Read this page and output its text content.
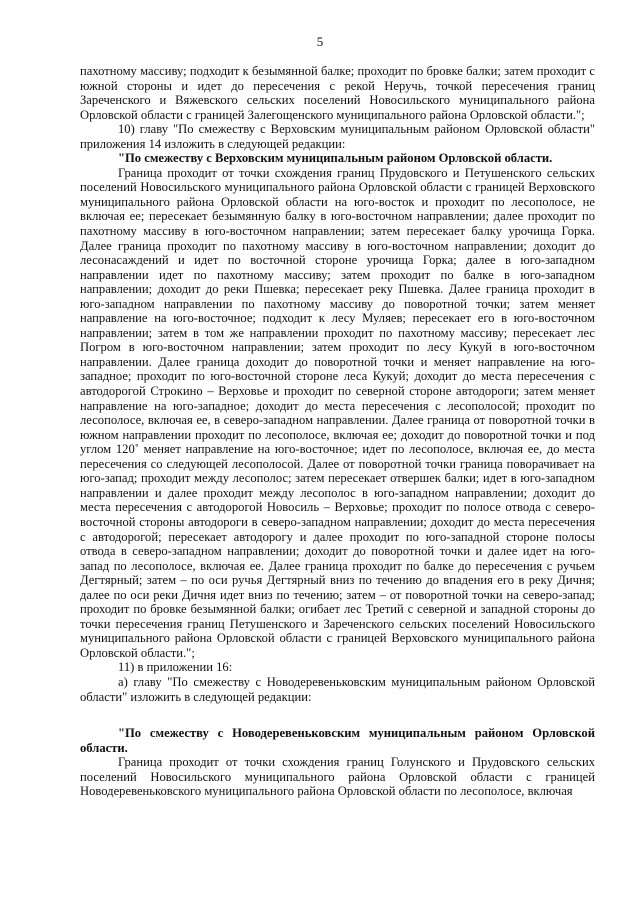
5

пахотному массиву; подходит к безымянной балке; проходит по бровке балки; затем проходит с южной стороны и идет до пересечения с рекой Неручь, точкой пересечения границ Зареченского и Вяжевского сельских поселений Новосильского муниципального района Орловской области с границей Залегощенского муниципального района Орловской области.";

10) главу "По смежеству с Верховским муниципальным районом Орловской области" приложения 14 изложить в следующей редакции:

"По смежеству с Верховским муниципальным районом Орловской области.

Граница проходит от точки схождения границ Прудовского и Петушенского сельских поселений Новосильского муниципального района Орловской области с границей Верховского муниципального района Орловской области на юго-восток и проходит по лесополосе, не включая ее; пересекает безымянную балку в юго-восточном направлении; далее проходит по пахотному массиву в юго-восточном направлении; затем пересекает балку урочища Горка. Далее граница проходит по пахотному массиву в юго-восточном направлении; доходит до лесонасаждений и идет по восточной стороне урочища Горка; далее в юго-западном направлении идет по пахотному массиву; затем проходит по балке в юго-западном направлении; доходит до реки Пшевка; пересекает реку Пшевка. Далее граница проходит в юго-западном направлении по пахотному массиву до поворотной точки; затем меняет направление на юго-восточное; подходит к лесу Муляев; пересекает его в юго-восточном направлении; затем в том же направлении проходит по пахотному массиву; пересекает лес Погром в юго-восточном направлении; затем проходит по лесу Кукуй в юго-восточном направлении. Далее граница доходит до поворотной точки и меняет направление на юго-западное; проходит по юго-восточной стороне леса Кукуй; доходит до места пересечения с автодорогой Строкино – Верховье и проходит по северной стороне автодороги; затем меняет направление на юго-западное; доходит до места пересечения с лесополосой; проходит по лесополосе, включая ее, в северо-западном направлении. Далее граница от поворотной точки в южном направлении проходит по лесополосе, включая ее; доходит до поворотной точки и под углом 120˚ меняет направление на юго-восточное; идет по лесополосе, включая ее, до места пересечения со следующей лесополосой. Далее от поворотной точки граница поворачивает на юго-запад; проходит между лесополос; затем пересекает отвершек балки; идет в юго-западном направлении и далее проходит между лесополос в юго-западном направлении; доходит до места пересечения с автодорогой Новосиль – Верховье; проходит по полосе отвода с северо-восточной стороны автодороги в северо-западном направлении; доходит до места пересечения с автодорогой; пересекает автодорогу и далее проходит по юго-западной стороне полосы отвода в северо-западном направлении; доходит до поворотной точки и далее идет на юго-запад по лесополосе, включая ее. Далее граница проходит по балке до пересечения с ручьем Дегтярный; затем – по оси ручья Дегтярный вниз по течению до впадения его в реку Дичня; далее по оси реки Дичня идет вниз по течению; затем – от поворотной точки на северо-запад; проходит по бровке безымянной балки; огибает лес Третий с северной и западной стороны до точки пересечения границ Петушенского и Зареченского сельских поселений Новосильского муниципального района Орловской области с границей Верховского муниципального района Орловской области.";

11) в приложении 16:

а) главу "По смежеству с Новодеревеньковским муниципальным районом Орловской области" изложить в следующей редакции:

"По смежеству с Новодеревеньковским муниципальным районом Орловской области.

Граница проходит от точки схождения границ Голунского и Прудовского сельских поселений Новосильского муниципального района Орловской области с границей Новодеревеньковского муниципального района Орловской области по лесополосе, включая
